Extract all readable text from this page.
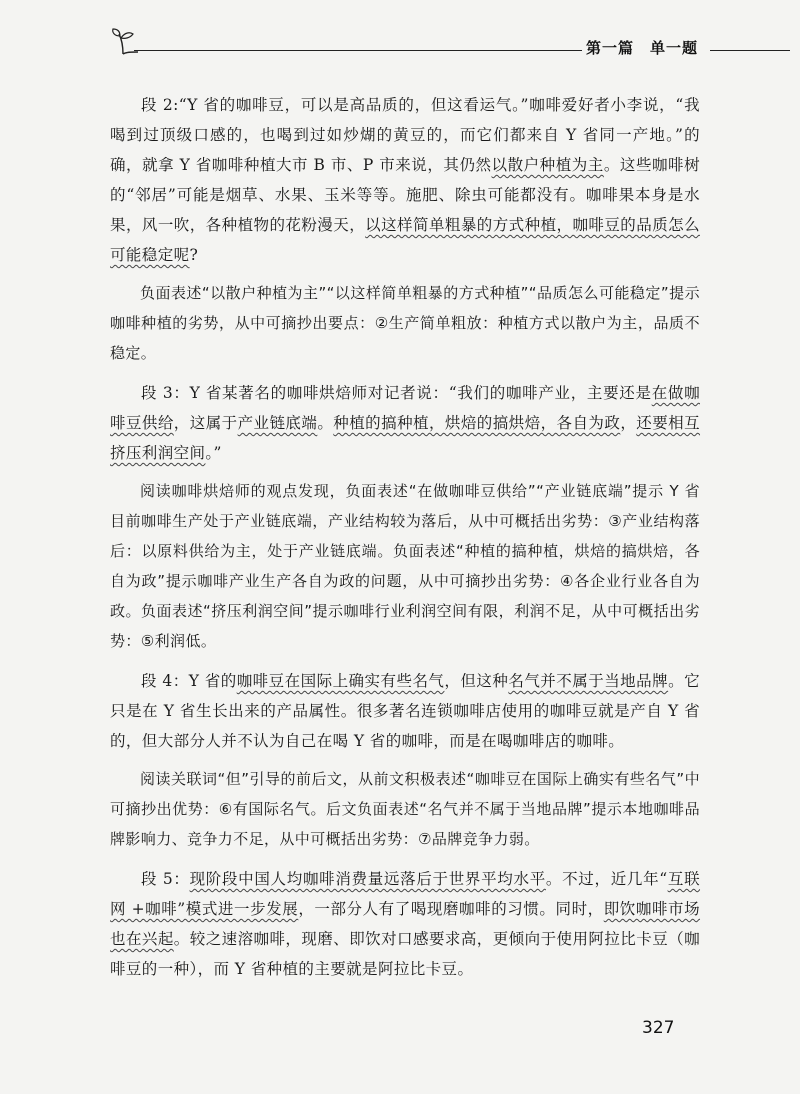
第一篇　单一题

段 2:“Y 省的咖啡豆，可以是高品质的，但这看运气。”咖啡爱好者小李说，“我喝到过顶级口感的，也喝到过如炒煳的黄豆的，而它们都来自 Y 省同一产地。”的确，就拿 Y 省咖啡种植大市 B 市、P 市来说，其仍然以散户种植为主。这些咖啡树的“邻居”可能是烟草、水果、玉米等等。施肥、除虫可能都没有。咖啡果本身是水果，风一吹，各种植物的花粉漫天，以这样简单粗暴的方式种植，咖啡豆的品质怎么可能稳定呢?

负面表述“以散户种植为主”“以这样简单粗暴的方式种植”“品质怎么可能稳定”提示咖啡种植的劣势，从中可摘抄出要点：②生产简单粗放：种植方式以散户为主，品质不稳定。

段 3：Y 省某著名的咖啡烘焙师对记者说：“我们的咖啡产业，主要还是在做咖啡豆供给，这属于产业链底端。种植的搞种植，烘焙的搞烘焙，各自为政，还要相互挤压利润空间。”

阅读咖啡烘焙师的观点发现，负面表述“在做咖啡豆供给”“产业链底端”提示 Y 省目前咖啡生产处于产业链底端，产业结构较为落后，从中可概括出劣势：③产业结构落后：以原料供给为主，处于产业链底端。负面表述“种植的搞种植，烘焙的搞烘焙，各自为政”提示咖啡产业生产各自为政的问题，从中可摘抄出劣势：④各企业行业各自为政。负面表述“挤压利润空间”提示咖啡行业利润空间有限，利润不足，从中可概括出劣势：⑤利润低。

段 4：Y 省的咖啡豆在国际上确实有些名气，但这种名气并不属于当地品牌。它只是在 Y 省生长出来的产品属性。很多著名连锁咖啡店使用的咖啡豆就是产自 Y 省的，但大部分人并不认为自己在喝 Y 省的咖啡，而是在喝咖啡店的咖啡。

阅读关联词“但”引导的前后文，从前文积极表述“咖啡豆在国际上确实有些名气”中可摘抄出优势：⑥有国际名气。后文负面表述“名气并不属于当地品牌”提示本地咖啡品牌影响力、竞争力不足，从中可概括出劣势：⑦品牌竞争力弱。

段 5：现阶段中国人均咖啡消费量远落后于世界平均水平。不过，近几年“互联网 +咖啡”模式进一步发展，一部分人有了喝现磨咖啡的习惯。同时，即饮咖啡市场也在兴起。较之速溶咖啡，现磨、即饮对口感要求高，更倾向于使用阿拉比卡豆（咖啡豆的一种），而 Y 省种植的主要就是阿拉比卡豆。

327
